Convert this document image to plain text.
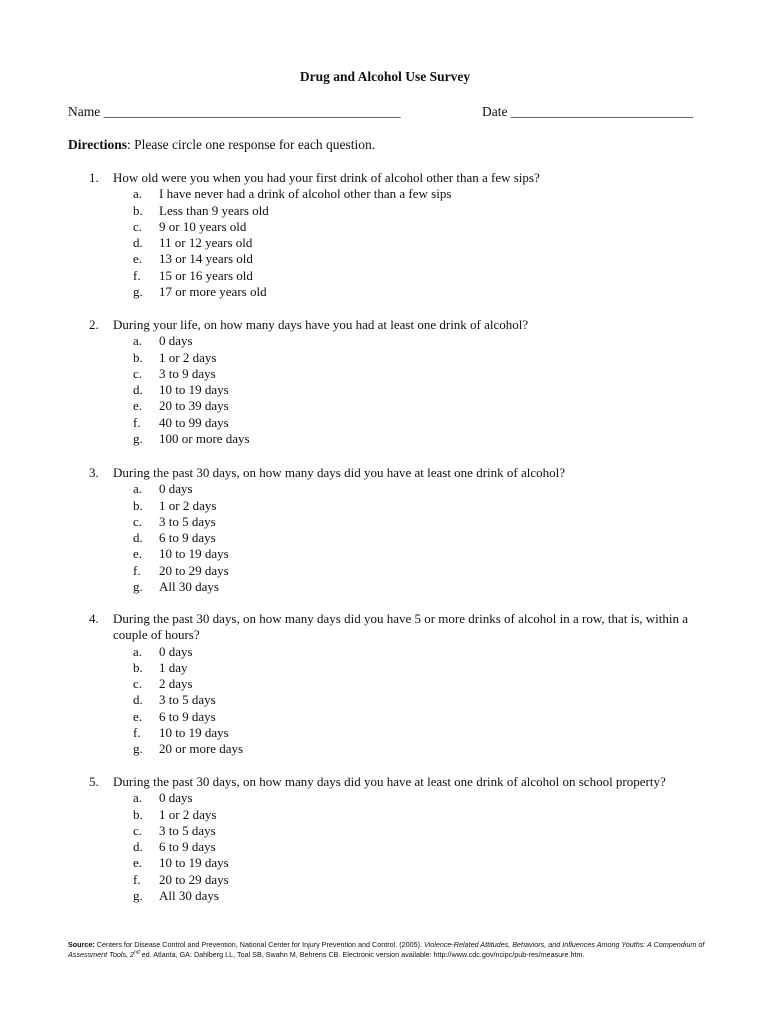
Drug and Alcohol Use Survey
Name ____________________________________________	Date ___________________________
Directions: Please circle one response for each question.
1.	How old were you when you had your first drink of alcohol other than a few sips?
a.	I have never had a drink of alcohol other than a few sips
b.	Less than 9 years old
c.	9 or 10 years old
d.	11 or 12 years old
e.	13 or 14 years old
f.	15 or 16 years old
g.	17 or more years old
2.	During your life, on how many days have you had at least one drink of alcohol?
a.	0 days
b.	1 or 2 days
c.	3 to 9 days
d.	10 to 19 days
e.	20 to 39 days
f.	40 to 99 days
g.	100 or more days
3.	During the past 30 days, on how many days did you have at least one drink of alcohol?
a.	0 days
b.	1 or 2 days
c.	3 to 5 days
d.	6 to 9 days
e.	10 to 19 days
f.	20 to 29 days
g.	All 30 days
4.	During the past 30 days, on how many days did you have 5 or more drinks of alcohol in a row, that is, within a couple of hours?
a.	0 days
b.	1 day
c.	2 days
d.	3 to 5 days
e.	6 to 9 days
f.	10 to 19 days
g.	20 or more days
5.	During the past 30 days, on how many days did you have at least one drink of alcohol on school property?
a.	0 days
b.	1 or 2 days
c.	3 to 5 days
d.	6 to 9 days
e.	10 to 19 days
f.	20 to 29 days
g.	All 30 days
Source: Centers for Disease Control and Prevention, National Center for Injury Prevention and Control. (2005). Violence-Related Attitudes, Behaviors, and Influences Among Youths: A Compendium of Assessment Tools, 2nd ed. Atlanta, GA: Dahlberg LL, Toal SB, Swahn M, Behrens CB. Electronic version available: http://www.cdc.gov/ncipc/pub-res/measure.htm.
